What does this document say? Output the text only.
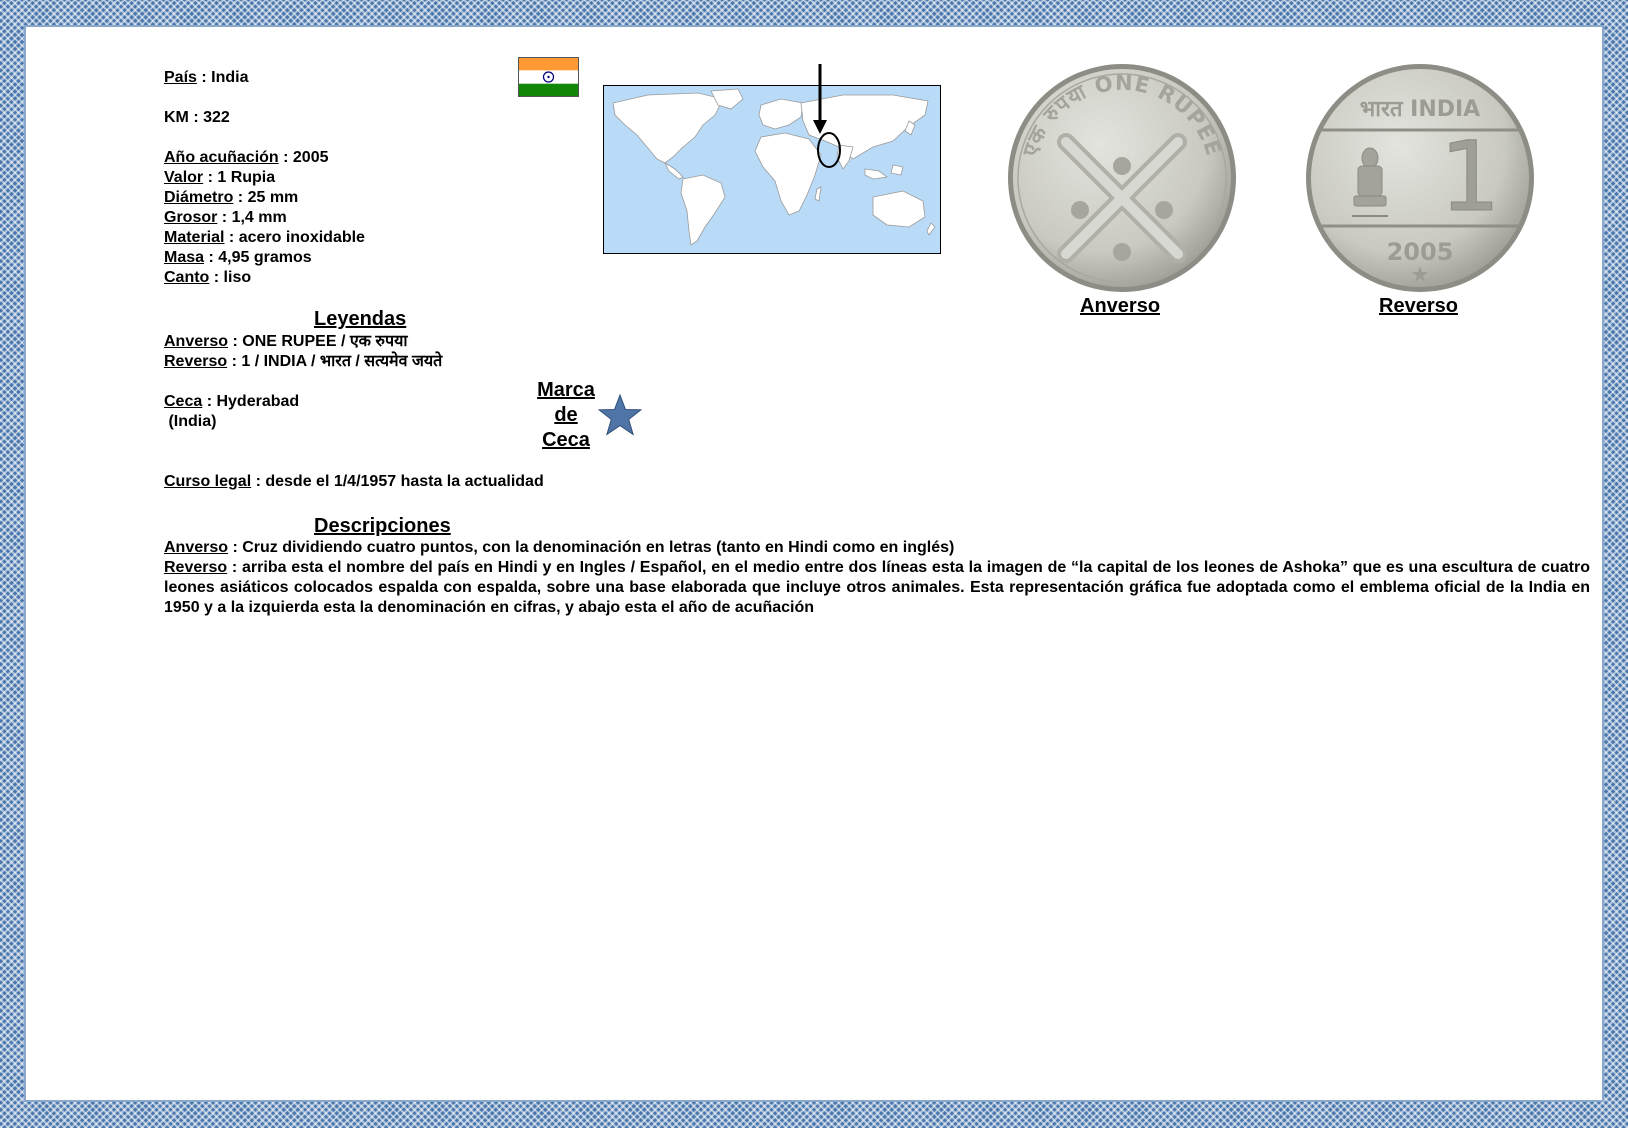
País : India
KM : 322
Año acuñación : 2005
Valor : 1 Rupia
Diámetro : 25 mm
Grosor : 1,4 mm
Material : acero inoxidable
Masa : 4,95 gramos
Canto : liso
Leyendas
Anverso : ONE RUPEE / एक रुपया
Reverso : 1 / INDIA / भारत / सत्यमेव जयते
Ceca : Hyderabad
(India)
Marca
de
Ceca
Curso legal : desde el 1/4/1957 hasta la actualidad
Descripciones
Anverso : Cruz dividiendo cuatro puntos, con la denominación en letras (tanto en Hindi como en inglés)
Reverso : arriba esta el nombre del país en Hindi y en Ingles / Español, en el medio entre dos líneas esta la imagen de “la capital de los leones de Ashoka” que es una escultura de cuatro leones asiáticos colocados espalda con espalda, sobre una base elaborada que incluye otros animales. Esta representación gráfica fue adoptada como el emblema oficial de la India en 1950 y a la izquierda esta la denominación en cifras, y abajo esta el año de acuñación
एक रुपया ONE RUPEE
Anverso
भारत INDIA
1
2005
Reverso
